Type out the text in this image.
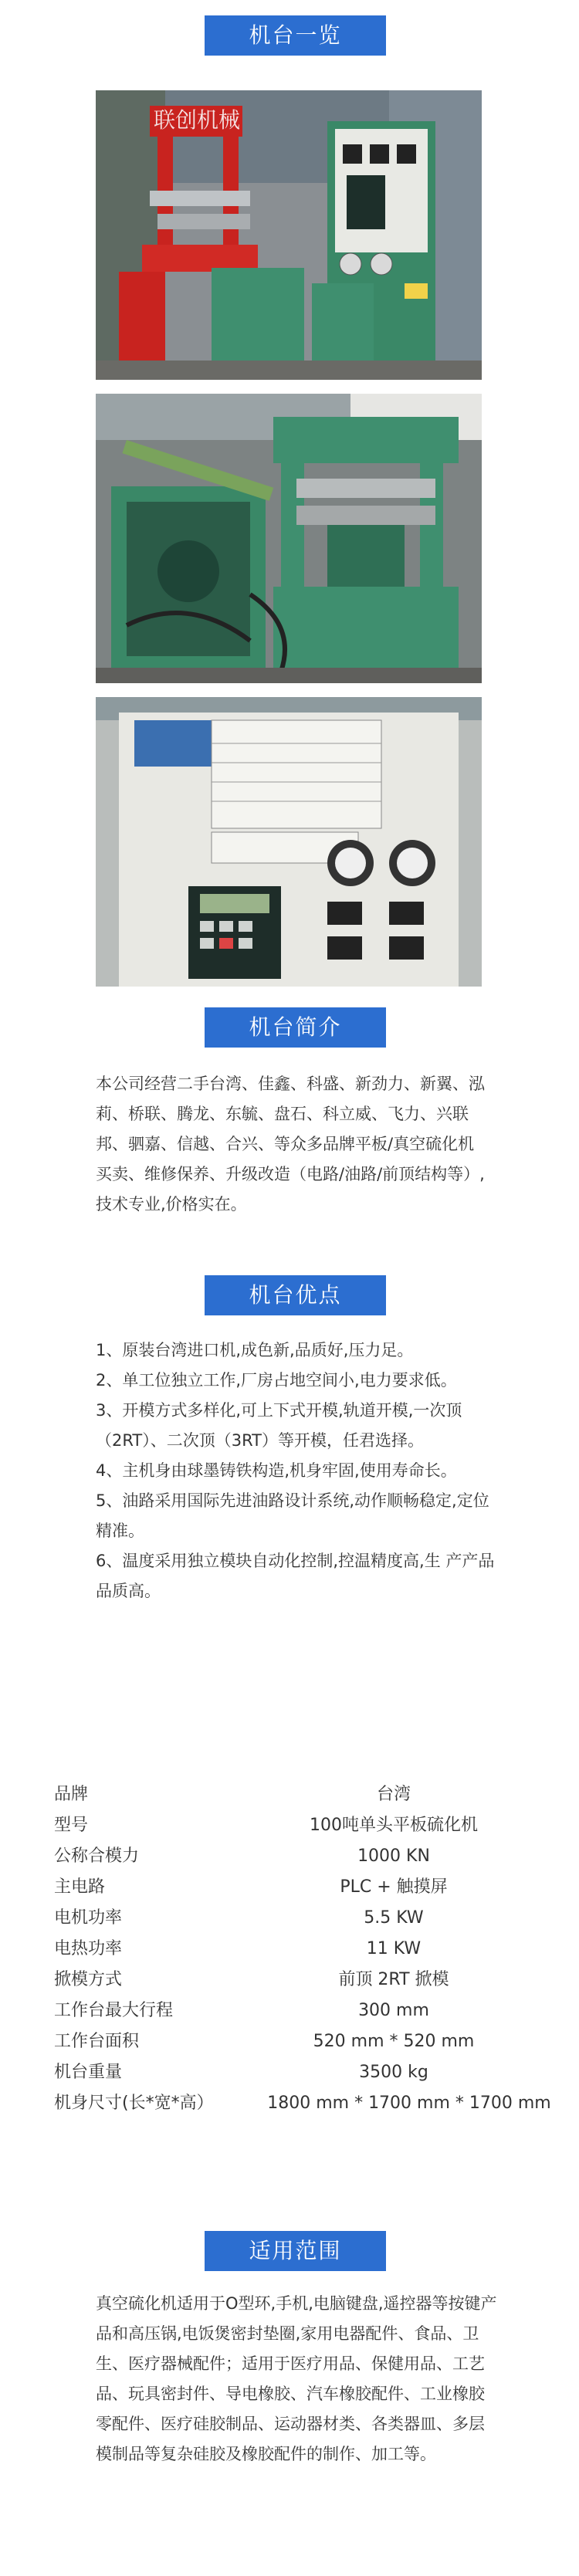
机台一览
联创机械
机台简介

本公司经营二手台湾、佳鑫、科盛、新劲力、新翼、泓莉、桥联、腾龙、东毓、盘石、科立威、飞力、兴联邦、驷嘉、信越、合兴、等众多品牌平板/真空硫化机买卖、维修保养、升级改造（电路/油路/前顶结构等）,技术专业,价格实在。

机台优点

1、原装台湾进口机,成色新,品质好,压力足。

2、单工位独立工作,厂房占地空间小,电力要求低。

3、开模方式多样化,可上下式开模,轨道开模,一次顶（2RT）、二次顶（3RT）等开模，任君选择。

4、主机身由球墨铸铁构造,机身牢固,使用寿命长。

5、油路采用国际先进油路设计系统,动作顺畅稳定,定位精准。

6、温度采用独立模块自动化控制,控温精度高,生 产产品品质高。

品牌	台湾
型号	100吨单头平板硫化机
公称合模力	1000 KN
主电路	PLC + 触摸屏
电机功率	5.5 KW
电热功率	11 KW
掀模方式	前顶 2RT 掀模
工作台最大行程	300 mm
工作台面积	520 mm * 520 mm
机台重量	3500 kg
机身尺寸(长*宽*高）	1800 mm * 1700 mm * 1700 mm
适用范围

真空硫化机适用于O型环,手机,电脑键盘,遥控器等按键产品和高压锅,电饭煲密封垫圈,家用电器配件、食品、卫生、医疗器械配件；适用于医疗用品、保健用品、工艺品、玩具密封件、导电橡胶、汽车橡胶配件、工业橡胶零配件、医疗硅胶制品、运动器材类、各类器皿、多层模制品等复杂硅胶及橡胶配件的制作、加工等。
